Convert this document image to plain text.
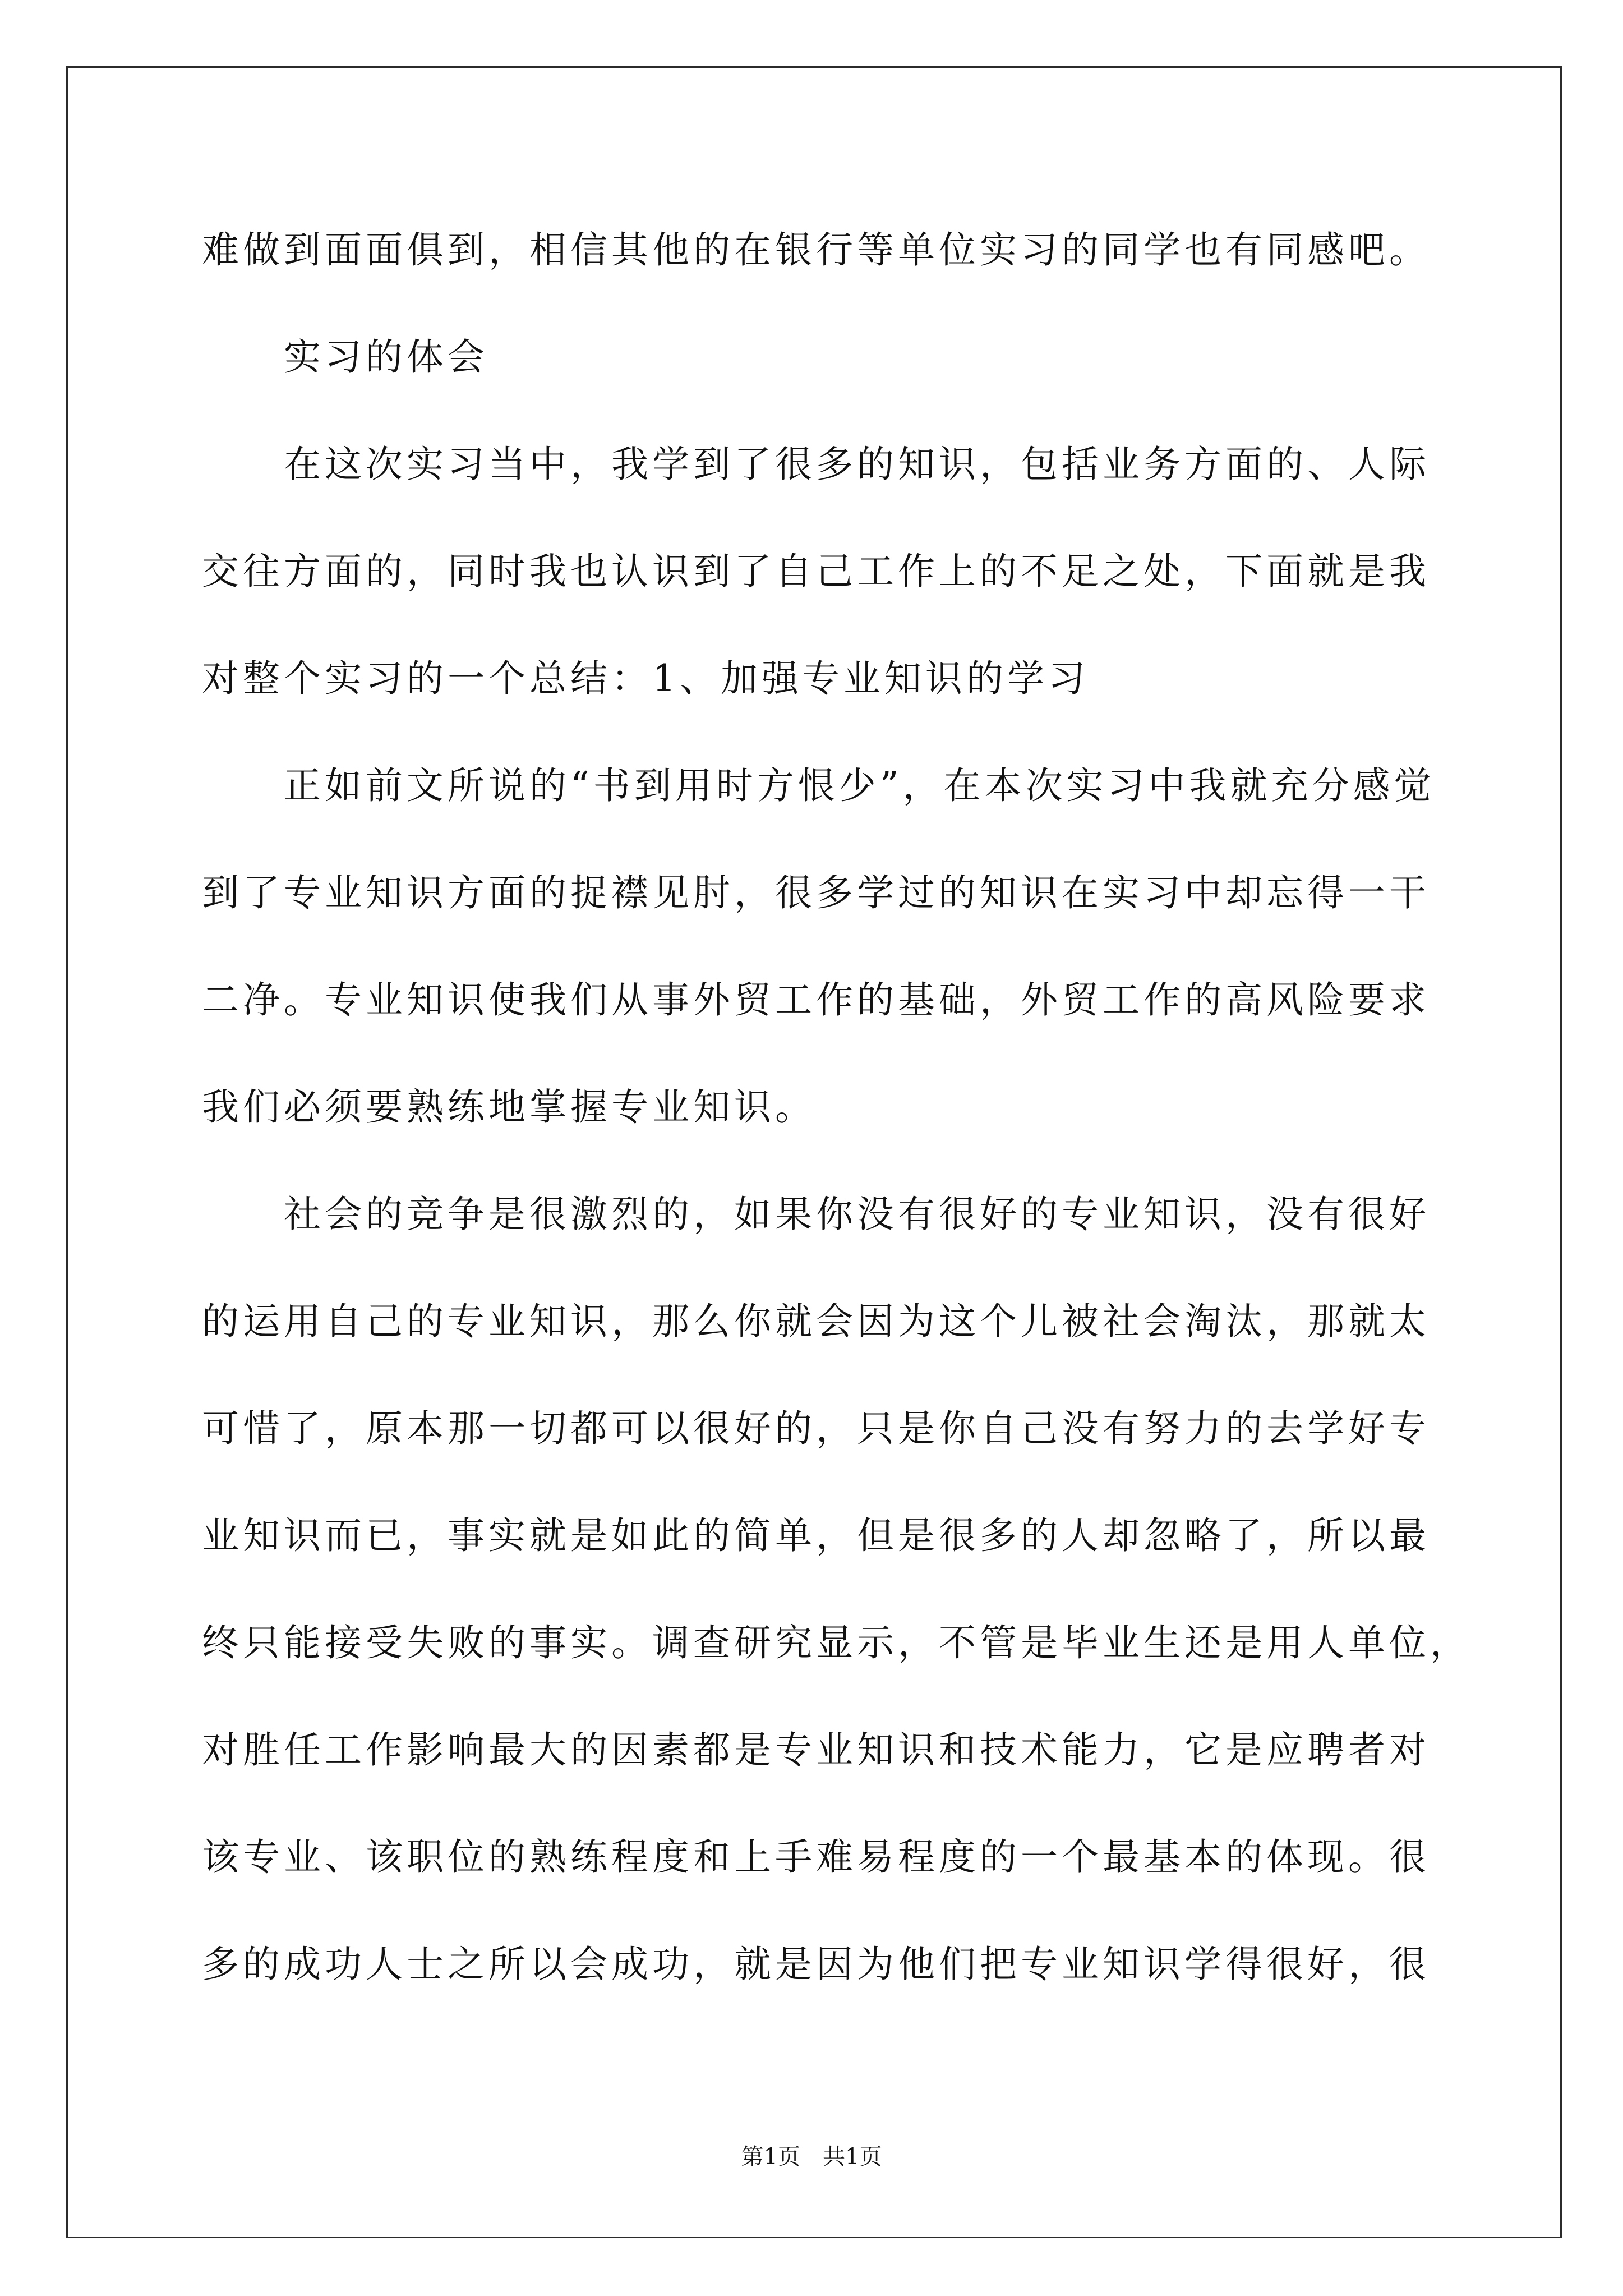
难做到面面俱到，相信其他的在银行等单位实习的同学也有同感吧。
实习的体会
在这次实习当中，我学到了很多的知识，包括业务方面的、人际
交往方面的，同时我也认识到了自己工作上的不足之处，下面就是我
对整个实习的一个总结：1、加强专业知识的学习
正如前文所说的“书到用时方恨少”，在本次实习中我就充分感觉
到了专业知识方面的捉襟见肘，很多学过的知识在实习中却忘得一干
二净。专业知识使我们从事外贸工作的基础，外贸工作的高风险要求
我们必须要熟练地掌握专业知识。
社会的竞争是很激烈的，如果你没有很好的专业知识，没有很好
的运用自己的专业知识，那么你就会因为这个儿被社会淘汰，那就太
可惜了，原本那一切都可以很好的，只是你自己没有努力的去学好专
业知识而已，事实就是如此的简单，但是很多的人却忽略了，所以最
终只能接受失败的事实。调查研究显示，不管是毕业生还是用人单位，
对胜任工作影响最大的因素都是专业知识和技术能力，它是应聘者对
该专业、该职位的熟练程度和上手难易程度的一个最基本的体现。很
多的成功人士之所以会成功，就是因为他们把专业知识学得很好，很
第1页 共1页
